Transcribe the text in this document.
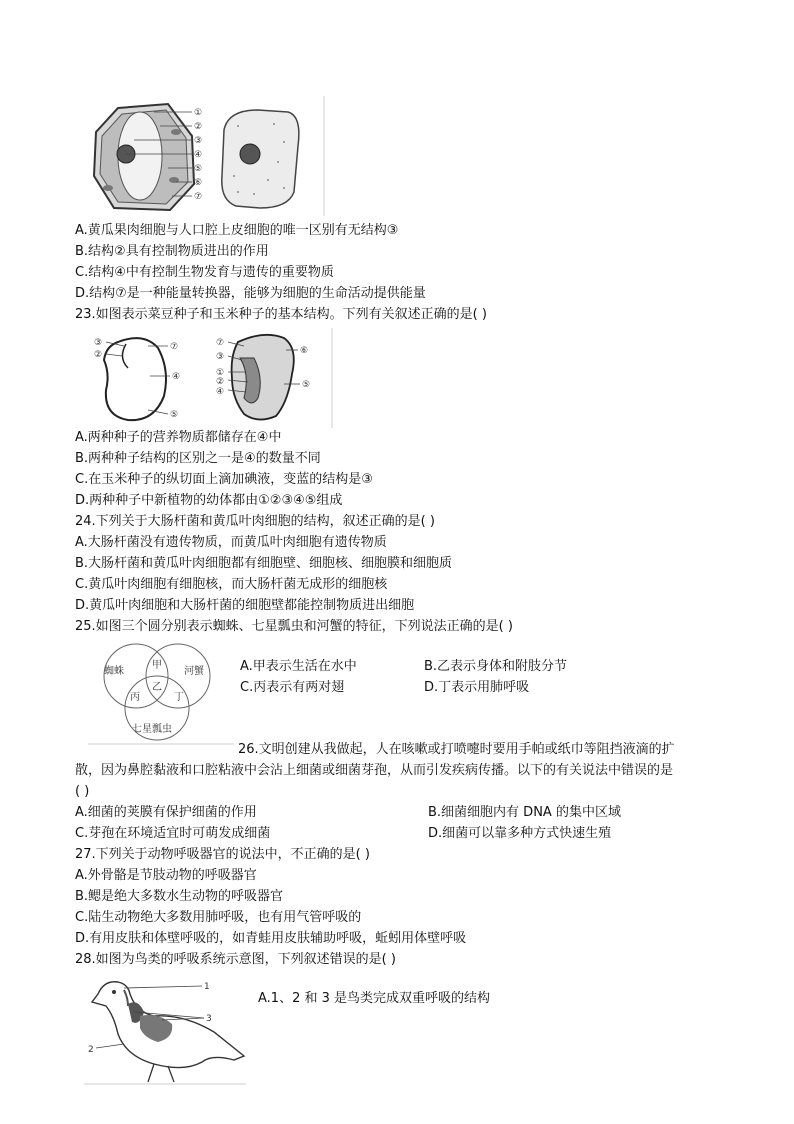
①
②
③
④
⑤
⑥
⑦
A.黄瓜果肉细胞与人口腔上皮细胞的唯一区别有无结构③
B.结构②具有控制物质进出的作用
C.结构④中有控制生物发育与遗传的重要物质
D.结构⑦是一种能量转换器，能够为细胞的生命活动提供能量
23.如图表示菜豆种子和玉米种子的基本结构。下列有关叙述正确的是( )
③
②
⑦
④
⑤
⑦
③
①
②
④
⑥
⑤
A.两种种子的营养物质都储存在④中
B.两种种子结构的区别之一是④的数量不同
C.在玉米种子的纵切面上滴加碘液，变蓝的结构是③
D.两种种子中新植物的幼体都由①②③④⑤组成
24.下列关于大肠杆菌和黄瓜叶肉细胞的结构，叙述正确的是( )
A.大肠杆菌没有遗传物质，而黄瓜叶肉细胞有遗传物质
B.大肠杆菌和黄瓜叶肉细胞都有细胞壁、细胞核、细胞膜和细胞质
C.黄瓜叶肉细胞有细胞核，而大肠杆菌无成形的细胞核
D.黄瓜叶肉细胞和大肠杆菌的细胞壁都能控制物质进出细胞
25.如图三个圆分别表示蜘蛛、七星瓢虫和河蟹的特征，下列说法正确的是( )
蜘蛛	河蟹
七星瓢虫
甲
乙
丙	丁
A.甲表示生活在水中	B.乙表示身体和附肢分节
C.丙表示有两对翅	D.丁表示用肺呼吸
26.文明创建从我做起，人在咳嗽或打喷嚏时要用手帕或纸巾等阻挡液滴的扩
散，因为鼻腔黏液和口腔粘液中会沾上细菌或细菌芽孢，从而引发疾病传播。以下的有关说法中错误的是
( )
A.细菌的荚膜有保护细菌的作用	B.细菌细胞内有 DNA 的集中区域
C.芽孢在环境适宜时可萌发成细菌	D.细菌可以靠多种方式快速生殖
27.下列关于动物呼吸器官的说法中，不正确的是( )
A.外骨骼是节肢动物的呼吸器官
B.鳃是绝大多数水生动物的呼吸器官
C.陆生动物绝大多数用肺呼吸，也有用气管呼吸的
D.有用皮肤和体壁呼吸的，如青蛙用皮肤辅助呼吸，蚯蚓用体壁呼吸
28.如图为鸟类的呼吸系统示意图，下列叙述错误的是( )
1
3
2
A.1、2 和 3 是鸟类完成双重呼吸的结构
